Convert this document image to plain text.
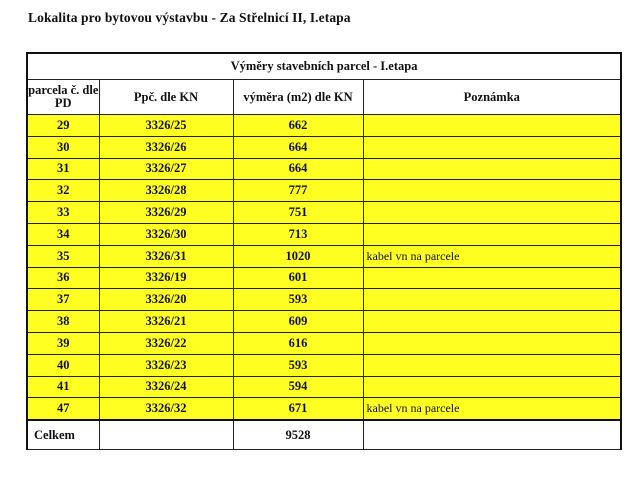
Lokalita pro bytovou výstavbu - Za Střelnicí II, I.etapa
Výměry stavebních parcel - I.etapa			
parcela č. dle PD	Ppč. dle KN	výměra (m2) dle KN	Poznámka
29	3326/25	662	
30	3326/26	664	
31	3326/27	664	
32	3326/28	777	
33	3326/29	751	
34	3326/30	713	
35	3326/31	1020	kabel vn na parcele
36	3326/19	601	
37	3326/20	593	
38	3326/21	609	
39	3326/22	616	
40	3326/23	593	
41	3326/24	594	
47	3326/32	671	kabel vn na parcele
Celkem		9528	
